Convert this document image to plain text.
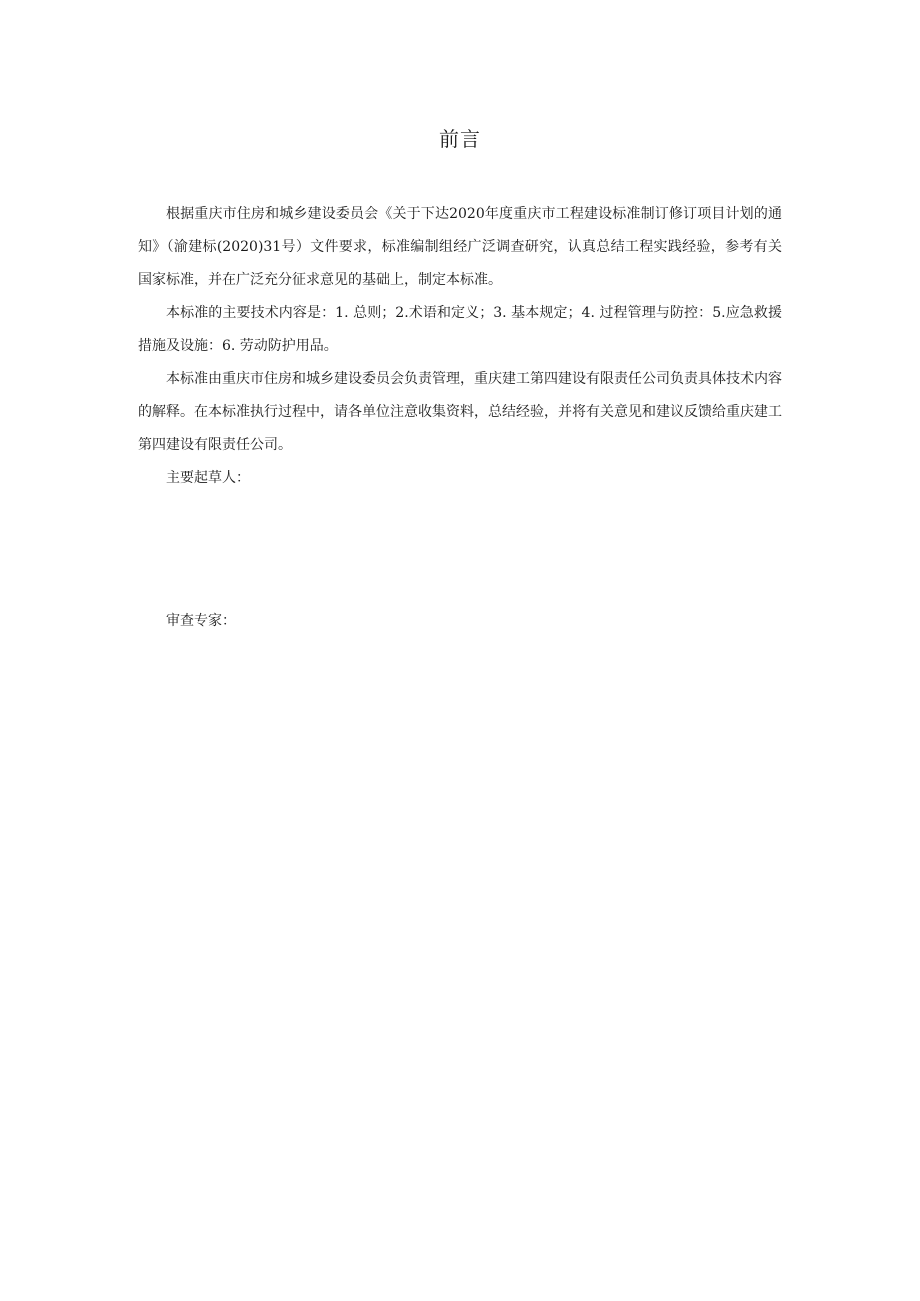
前言

根据重庆市住房和城乡建设委员会《关于下达2020年度重庆市工程建设标准制订修订项目计划的通知》（渝建标(2020)31号）文件要求，标准编制组经广泛调查研究，认真总结工程实践经验，参考有关国家标准，并在广泛充分征求意见的基础上，制定本标准。

本标准的主要技术内容是：1. 总则；2.术语和定义；3. 基本规定；4. 过程管理与防控：5.应急救援措施及设施：6. 劳动防护用品。

本标准由重庆市住房和城乡建设委员会负责管理，重庆建工第四建设有限责任公司负责具体技术内容的解释。在本标准执行过程中，请各单位注意收集资料，总结经验，并将有关意见和建议反馈给重庆建工第四建设有限责任公司。

主要起草人：

审查专家：
